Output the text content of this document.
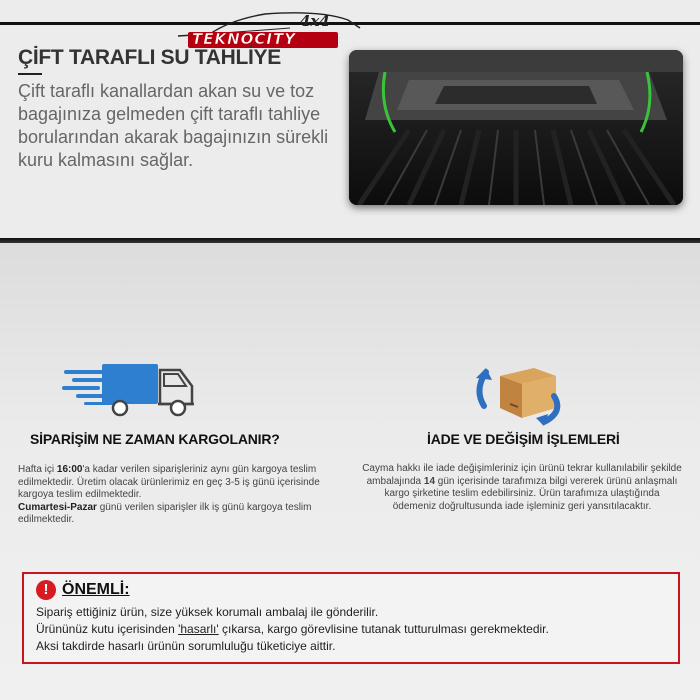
TEKNOCITY
4x4
ÇİFT TARAFLI SU TAHLİYE
Çift taraflı kanallardan akan su ve toz bagajınıza gelmeden çift taraflı tahliye borularından akarak bagajınızın sürekli kuru kalmasını sağlar.
SİPARİŞİM NE ZAMAN KARGOLANIR?	İADE VE DEĞİŞİM İŞLEMLERİ
Hafta içi 16:00'a kadar verilen siparişleriniz aynı gün kargoya teslim edilmektedir. Üretim olacak ürünlerimiz en geç 3-5 iş günü içerisinde kargoya teslim edilmektedir.
Cumartesi-Pazar günü verilen siparişler ilk iş günü kargoya teslim edilmektedir.
Cayma hakkı ile iade değişimleriniz için ürünü tekrar kullanılabilir şekilde ambalajında 14 gün içerisinde tarafımıza bilgi vererek ürünü anlaşmalı kargo şirketine teslim edebilirsiniz. Ürün tarafımıza ulaştığında ödemeniz doğrultusunda iade işleminiz geri yansıtılacaktır.
! ÖNEMLİ:
Sipariş ettiğiniz ürün, size yüksek korumalı ambalaj ile gönderilir.
Ürününüz kutu içerisinden 'hasarlı' çıkarsa, kargo görevlisine tutanak tutturulması gerekmektedir.
Aksi takdirde hasarlı ürünün sorumluluğu tüketiciye aittir.
